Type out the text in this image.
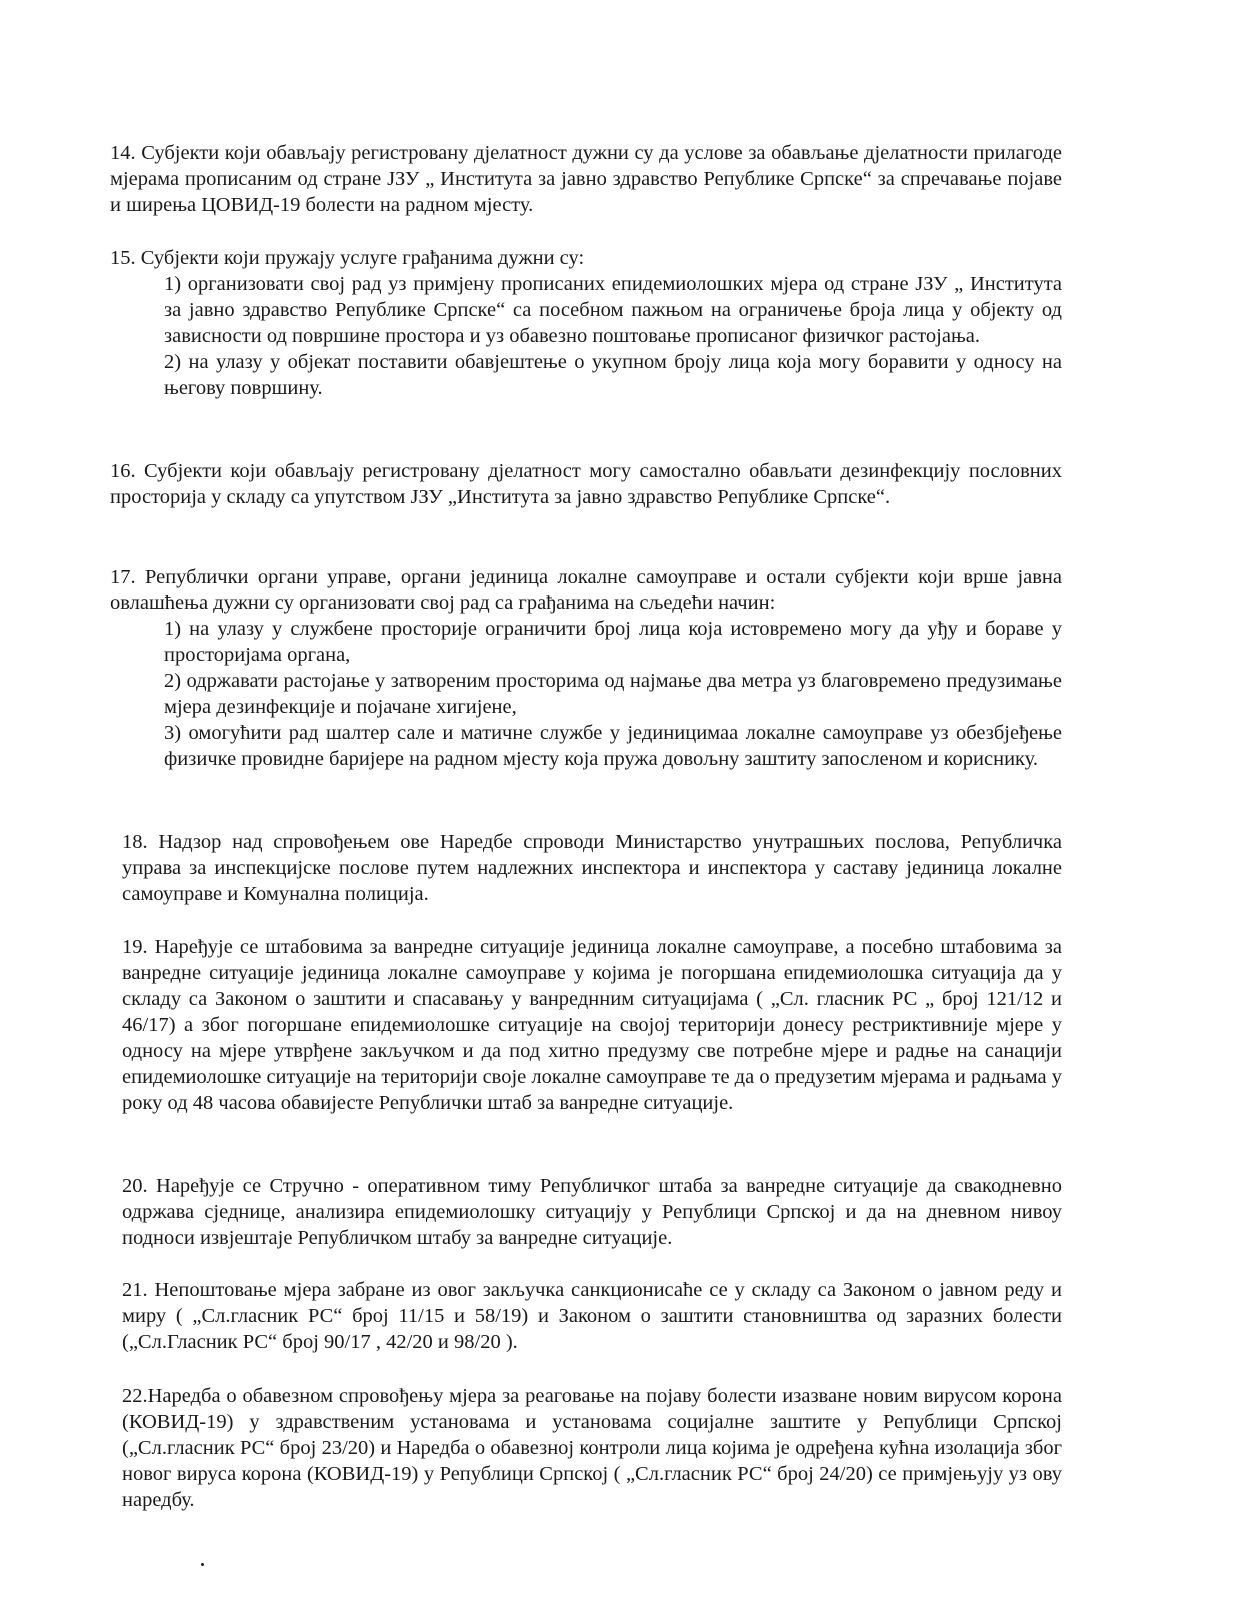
14. Субјекти који обављају регистровану дјелатност дужни су да услове за обављање дјелатности прилагоде мјерама прописаним од стране ЈЗУ „ Института за јавно здравство Републике Српске“ за спречавање појаве и ширења ЦОВИД-19 болести на радном мјесту.

15. Субјекти који пружају услуге грађанима дужни су:

1) организовати свој рад уз примјену прописаних епидемиолошких мјера од стране ЈЗУ „ Института за јавно здравство Републике Српске“ са посебном пажњом на ограничење броја лица у објекту од зависности од површине простора и уз обавезно поштовање прописаног физичког растојања.

2) на улазу у објекат поставити обавјештење о укупном броју лица која могу боравити у односу на његову површину.

16. Субјекти који обављају регистровану дјелатност могу самостално обављати дезинфекцију пословних просторија у складу са упутством ЈЗУ „Института за јавно здравство Републике Српске“.

17. Републички органи управе, органи јединица локалне самоуправе и остали субјекти који врше јавна овлашћења дужни су организовати свој рад са грађанима на сљедећи начин:

1) на улазу у службене просторије ограничити број лица која истовремено могу да уђу и бораве у просторијама органа,

2) одржавати растојање у затвореним просторима од најмање два метра уз благовремено предузимање мјера дезинфекције и појачане хигијене,

3) омогућити рад шалтер сале и матичне службе у јединицимаа локалне самоуправе уз обезбјеђење физичке провидне баријере на радном мјесту која пружа довољну заштиту запосленом и кориснику.

18. Надзор над спровођењем ове Наредбе спроводи Министарство унутрашњих послова, Републичка управа за инспекцијске послове путем надлежних инспектора и инспектора у саставу јединица локалне самоуправе и Комунална полиција.

19. Наређује се штабовима за ванредне ситуације јединица локалне самоуправе, а посебно штабовима за ванредне ситуације јединица локалне самоуправе у којима је погоршана епидемиолошка ситуација да у складу са Законом о заштити и спасавању у ванреднним ситуацијама ( „Сл. гласник РС „ број 121/12 и 46/17) а због погоршане епидемиолошке ситуације на својој територији донесу рестриктивније мјере у односу на мјере утврђене закључком и да под хитно предузму све потребне мјере и радње на санацији епидемиолошке ситуације на територији своје локалне самоуправе те да о предузетим мјерама и радњама у року од 48 часова обавијесте Републички штаб за ванредне ситуације.

20. Наређује се Стручно - оперативном тиму Републичког штаба за ванредне ситуације да свакодневно одржава сједнице, анализира епидемиолошку ситуацију у Републици Српској и да на дневном нивоу подноси извјештаје Републичком штабу за ванредне ситуације.

21. Непоштовање мјера забране из овог закључка санкционисаће се у складу са Законом о јавном реду и миру ( „Сл.гласник РС“ број 11/15 и 58/19) и Законом о заштити становништва од заразних болести („Сл.Гласник РС“ број 90/17 , 42/20 и 98/20 ).

22.Наредба о обавезном спровођењу мјера за реаговање на појаву болести изазване новим вирусом корона (КОВИД-19) у здравственим установама и установама социјалне заштите у Републици Српској („Сл.гласник РС“ број 23/20) и Наредба о обавезној контроли лица којима је одређена кућна изолација због новог вируса корона (КОВИД-19) у Републици Српској ( „Сл.гласник РС“ број 24/20) се примјењују уз ову наредбу.
